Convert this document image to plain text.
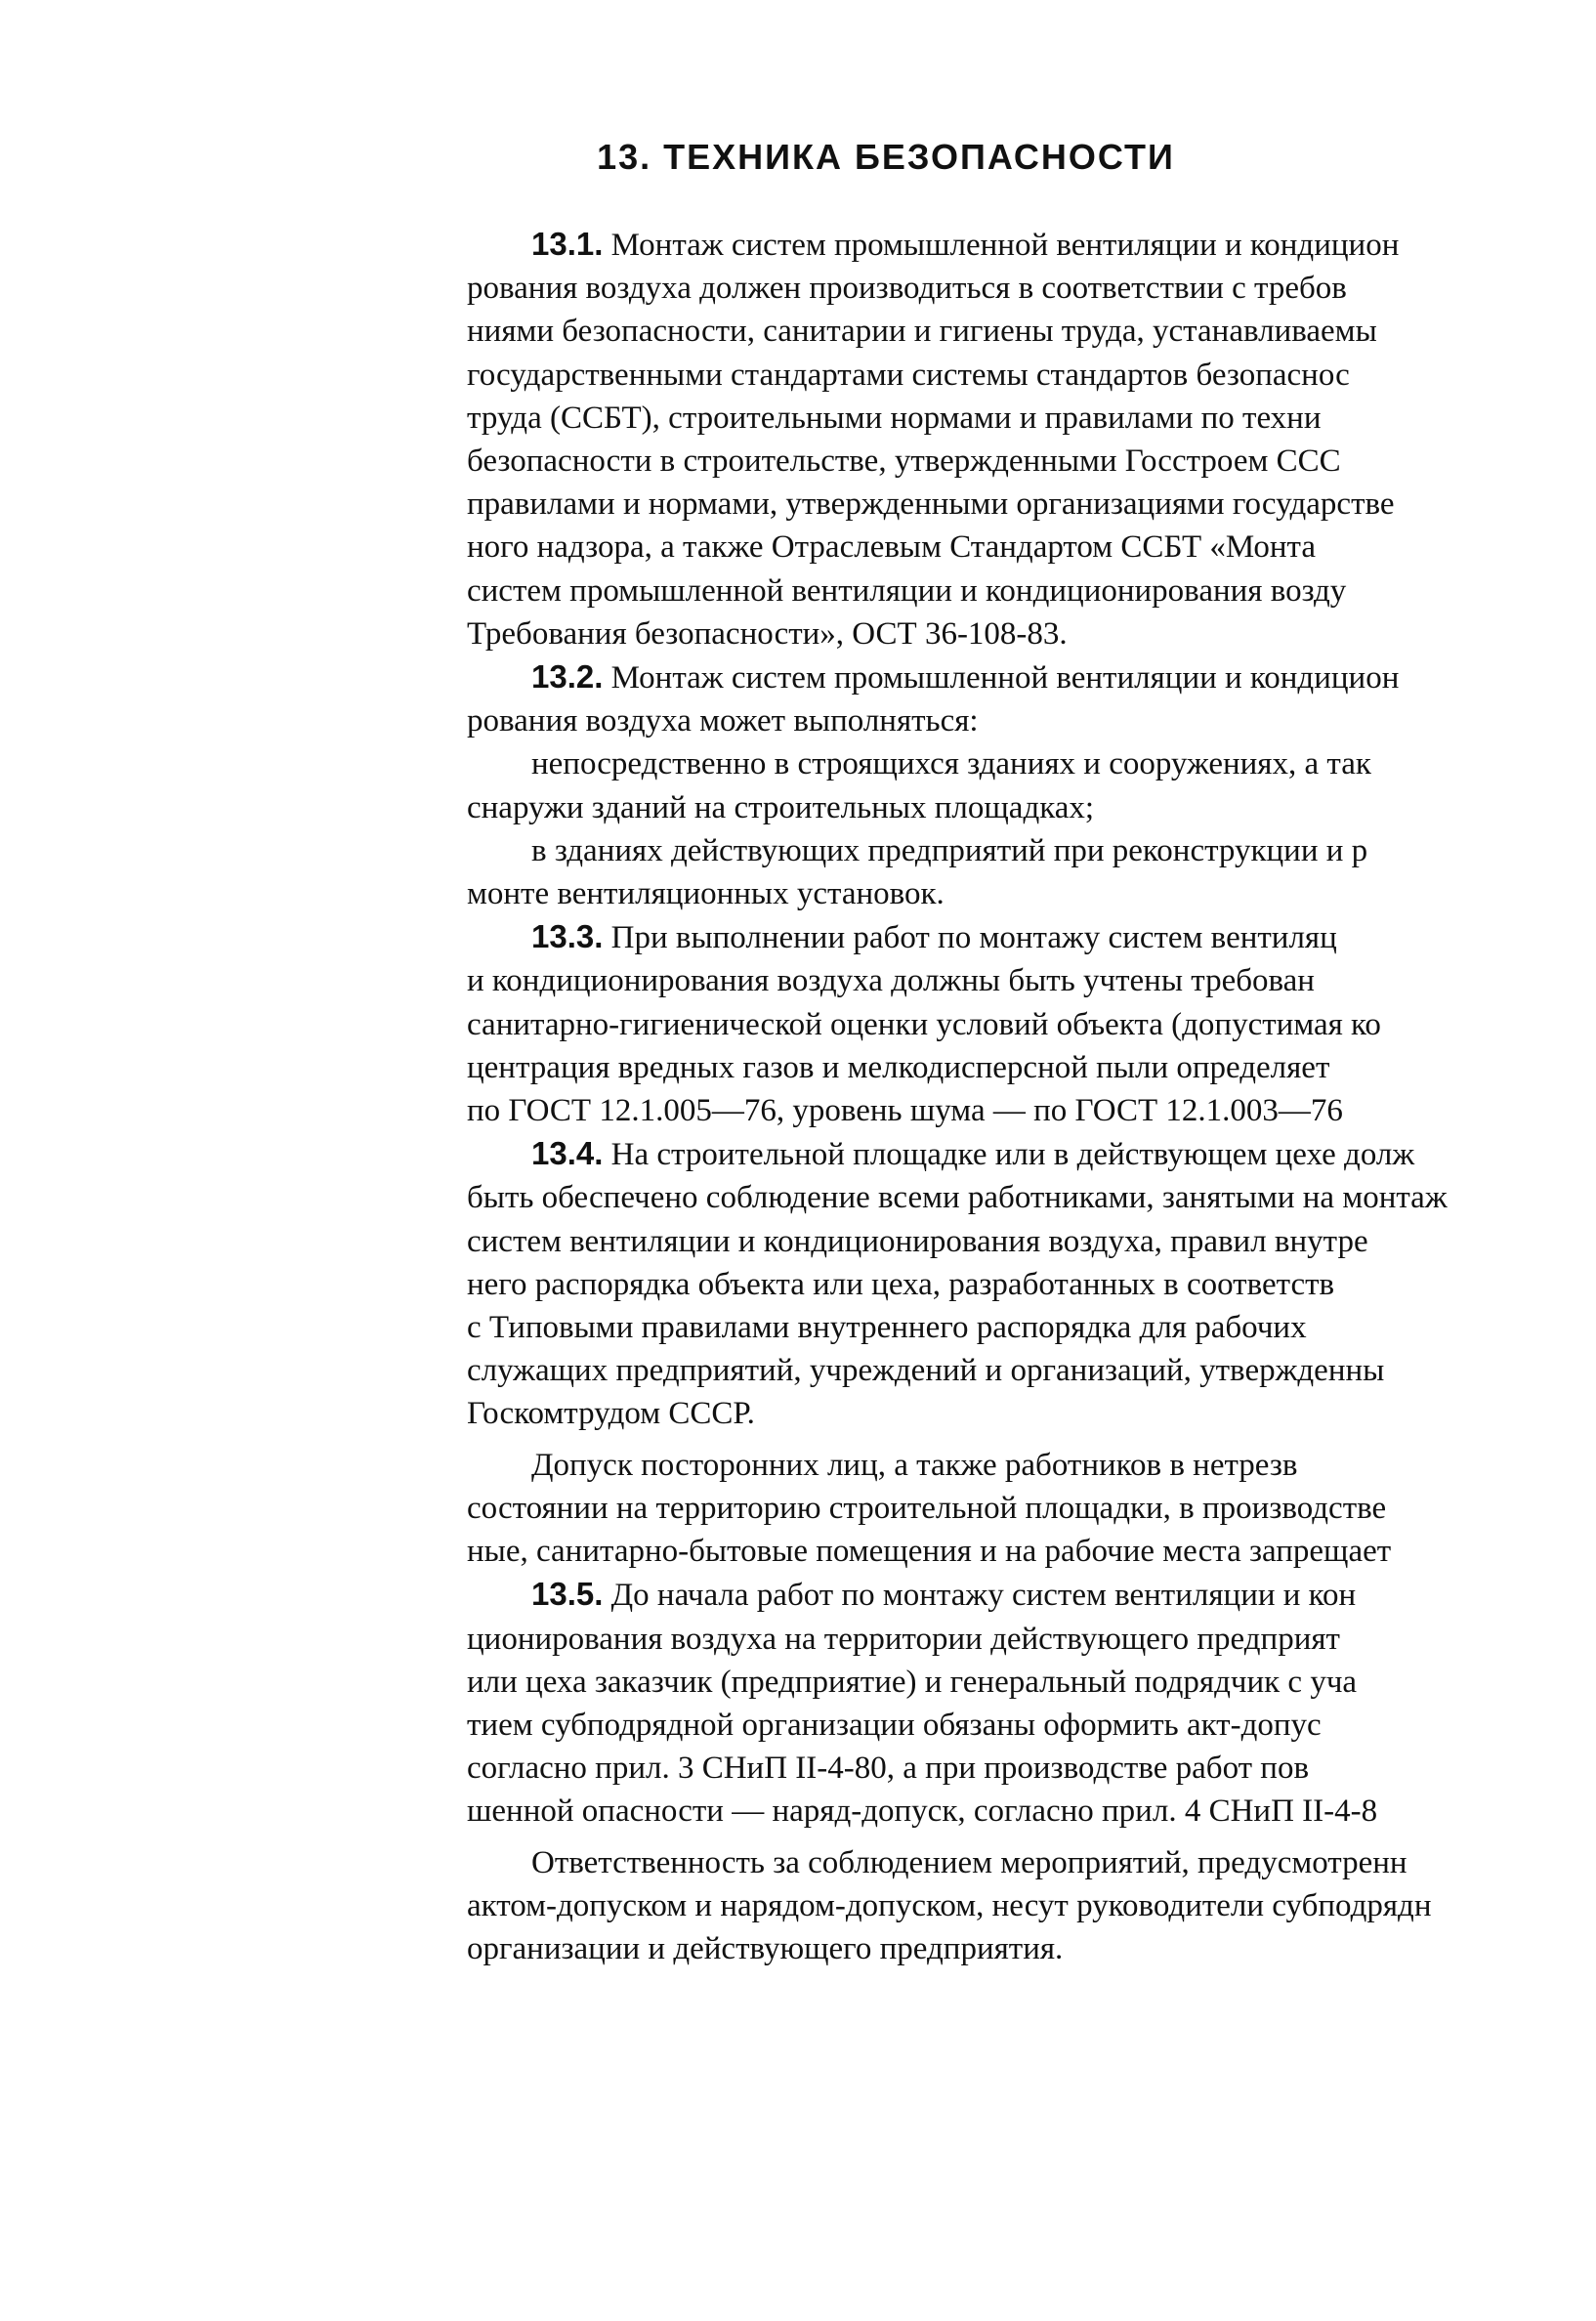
13. ТЕХНИКА БЕЗОПАСНОСТИ
13.1. Монтаж систем промышленной вентиляции и кондицион
рования воздуха должен производиться в соответствии с требов
ниями безопасности, санитарии и гигиены труда, устанавливаемы
государственными стандартами системы стандартов безопаснос
труда (ССБТ), строительными нормами и правилами по техни
безопасности в строительстве, утвержденными Госстроем ССС
правилами и нормами, утвержденными организациями государстве
ного надзора, а также Отраслевым Стандартом ССБТ «Монта
систем промышленной вентиляции и кондиционирования возду
Требования безопасности», ОСТ 36-108-83.
13.2. Монтаж систем промышленной вентиляции и кондицион
рования воздуха может выполняться:
непосредственно в строящихся зданиях и сооружениях, а так
снаружи зданий на строительных площадках;
в зданиях действующих предприятий при реконструкции и р
монте вентиляционных установок.
13.3. При выполнении работ по монтажу систем вентиляц
и кондиционирования воздуха должны быть учтены требован
санитарно-гигиенической оценки условий объекта (допустимая ко
центрация вредных газов и мелкодисперсной пыли определяет
по ГОСТ 12.1.005—76, уровень шума — по ГОСТ 12.1.003—76
13.4. На строительной площадке или в действующем цехе долж
быть обеспечено соблюдение всеми работниками, занятыми на монтаж
систем вентиляции и кондиционирования воздуха, правил внутре
него распорядка объекта или цеха, разработанных в соответств
с Типовыми правилами внутреннего распорядка для рабочих
служащих предприятий, учреждений и организаций, утвержденны
Госкомтрудом СССР.
Допуск посторонних лиц, а также работников в нетрезв
состоянии на территорию строительной площадки, в производстве
ные, санитарно-бытовые помещения и на рабочие места запрещает
13.5. До начала работ по монтажу систем вентиляции и кон
ционирования воздуха на территории действующего предприят
или цеха заказчик (предприятие) и генеральный подрядчик с уча
тием субподрядной организации обязаны оформить акт-допус
согласно прил. 3 СНиП II-4-80, а при производстве работ пов
шенной опасности — наряд-допуск, согласно прил. 4 СНиП II-4-8
Ответственность за соблюдением мероприятий, предусмотренн
актом-допуском и нарядом-допуском, несут руководители субподрядн
организации и действующего предприятия.
